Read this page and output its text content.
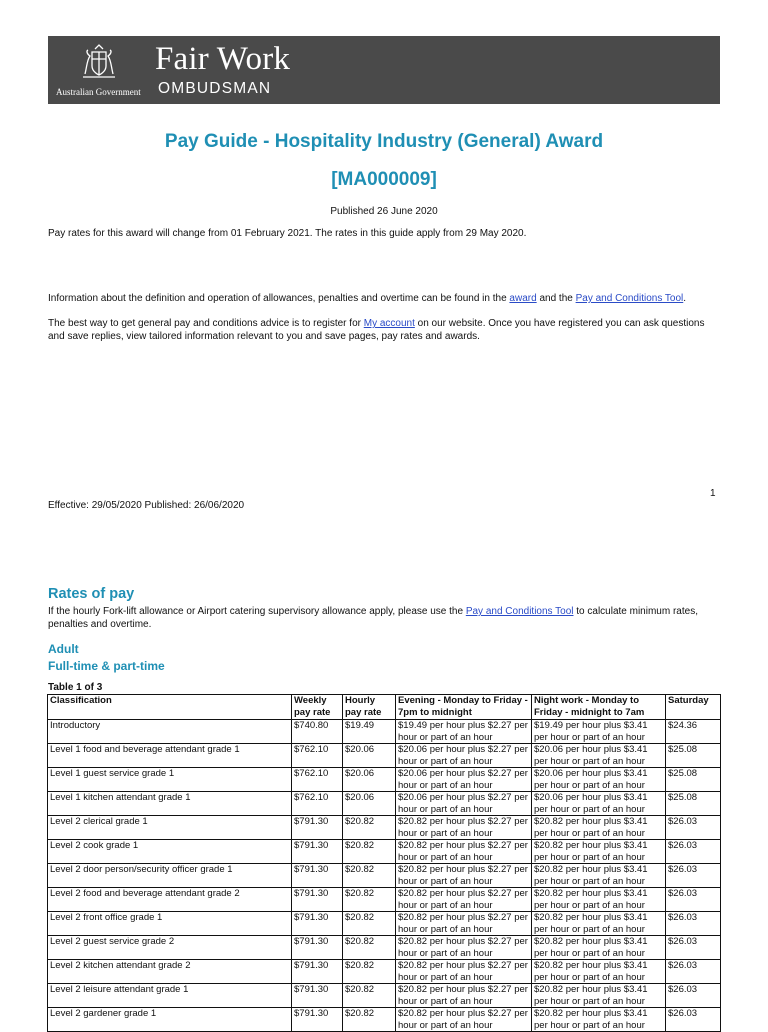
Australian Government
Fair Work
OMBUDSMAN
Pay Guide - Hospitality Industry (General) Award
[MA000009]
Published 26 June 2020
Pay rates for this award will change from 01 February 2021. The rates in this guide apply from 29 May 2020.
Information about the definition and operation of allowances, penalties and overtime can be found in the award and the Pay and Conditions Tool.
The best way to get general pay and conditions advice is to register for My account on our website. Once you have registered you can ask questions and save replies, view tailored information relevant to you and save pages, pay rates and awards.
1
Effective: 29/05/2020 Published: 26/06/2020
Rates of pay
If the hourly Fork-lift allowance or Airport catering supervisory allowance apply, please use the Pay and Conditions Tool to calculate minimum rates, penalties and overtime.
Adult
Full-time & part-time
Table 1 of 3
Classification	Weekly pay rate	Hourly pay rate	Evening - Monday to Friday - 7pm to midnight	Night work - Monday to Friday - midnight to 7am	Saturday
Introductory	$740.80	$19.49	$19.49 per hour plus $2.27 per hour or part of an hour	$19.49 per hour plus $3.41 per hour or part of an hour	$24.36
Level 1 food and beverage attendant grade 1	$762.10	$20.06	$20.06 per hour plus $2.27 per hour or part of an hour	$20.06 per hour plus $3.41 per hour or part of an hour	$25.08
Level 1 guest service grade 1	$762.10	$20.06	$20.06 per hour plus $2.27 per hour or part of an hour	$20.06 per hour plus $3.41 per hour or part of an hour	$25.08
Level 1 kitchen attendant grade 1	$762.10	$20.06	$20.06 per hour plus $2.27 per hour or part of an hour	$20.06 per hour plus $3.41 per hour or part of an hour	$25.08
Level 2 clerical grade 1	$791.30	$20.82	$20.82 per hour plus $2.27 per hour or part of an hour	$20.82 per hour plus $3.41 per hour or part of an hour	$26.03
Level 2 cook grade 1	$791.30	$20.82	$20.82 per hour plus $2.27 per hour or part of an hour	$20.82 per hour plus $3.41 per hour or part of an hour	$26.03
Level 2 door person/security officer grade 1	$791.30	$20.82	$20.82 per hour plus $2.27 per hour or part of an hour	$20.82 per hour plus $3.41 per hour or part of an hour	$26.03
Level 2 food and beverage attendant grade 2	$791.30	$20.82	$20.82 per hour plus $2.27 per hour or part of an hour	$20.82 per hour plus $3.41 per hour or part of an hour	$26.03
Level 2 front office grade 1	$791.30	$20.82	$20.82 per hour plus $2.27 per hour or part of an hour	$20.82 per hour plus $3.41 per hour or part of an hour	$26.03
Level 2 guest service grade 2	$791.30	$20.82	$20.82 per hour plus $2.27 per hour or part of an hour	$20.82 per hour plus $3.41 per hour or part of an hour	$26.03
Level 2 kitchen attendant grade 2	$791.30	$20.82	$20.82 per hour plus $2.27 per hour or part of an hour	$20.82 per hour plus $3.41 per hour or part of an hour	$26.03
Level 2 leisure attendant grade 1	$791.30	$20.82	$20.82 per hour plus $2.27 per hour or part of an hour	$20.82 per hour plus $3.41 per hour or part of an hour	$26.03
Level 2 gardener grade 1	$791.30	$20.82	$20.82 per hour plus $2.27 per hour or part of an hour	$20.82 per hour plus $3.41 per hour or part of an hour	$26.03
